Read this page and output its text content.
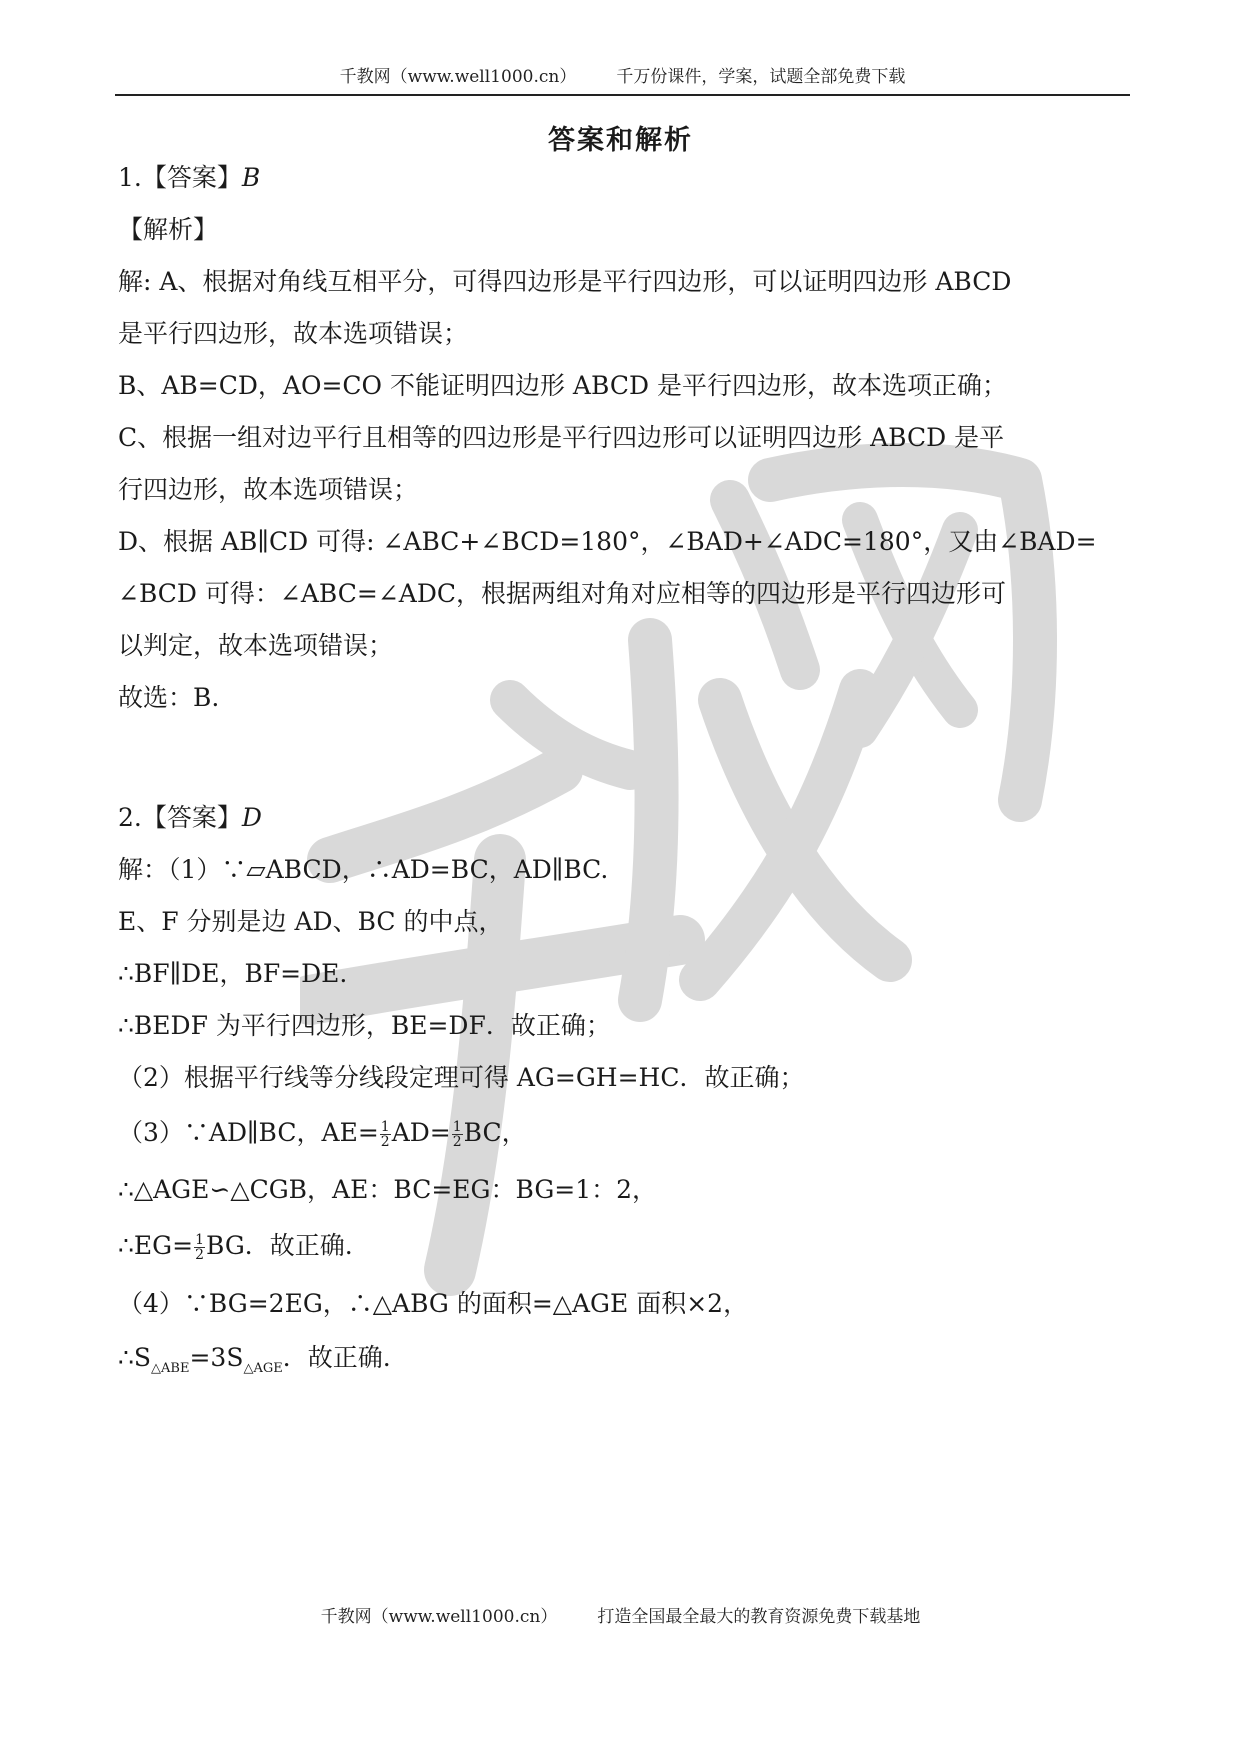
千教网（www.well1000.cn） 千万份课件，学案，试题全部免费下载
答案和解析
1.【答案】B
【解析】
解: A、根据对角线互相平分，可得四边形是平行四边形，可以证明四边形 ABCD
是平行四边形，故本选项错误；
B、AB=CD，AO=CO 不能证明四边形 ABCD 是平行四边形，故本选项正确；
C、根据一组对边平行且相等的四边形是平行四边形可以证明四边形 ABCD 是平
行四边形，故本选项错误；
D、根据 AB∥CD 可得: ∠ABC+∠BCD=180°，∠BAD+∠ADC=180°，又由∠BAD=
∠BCD 可得：∠ABC=∠ADC，根据两组对角对应相等的四边形是平行四边形可
以判定，故本选项错误；
故选：B.
2.【答案】D
解：（1）∵▱ABCD，∴AD=BC，AD∥BC.
E、F 分别是边 AD、BC 的中点，
∴BF∥DE，BF=DE.
∴BEDF 为平行四边形，BE=DF．故正确；
（2）根据平行线等分线段定理可得 AG=GH=HC．故正确；
（3）∵AD∥BC，$AE= \frac{1}{2} AD= \frac{1}{2}$ BC，
∴△AGE∽△CGB，AE：BC=EG：BG=1：2，
∴EG= $\frac{1}{2}$ BG．故正确.
（4）∵BG=2EG，∴△ABG 的面积=△AGE 面积×2，
$\therefore S_{\triangle ABE}=3S_{\triangle AGE}$．故正确.
千教网（www.well1000.cn） 打造全国最全最大的教育资源免费下载基地
